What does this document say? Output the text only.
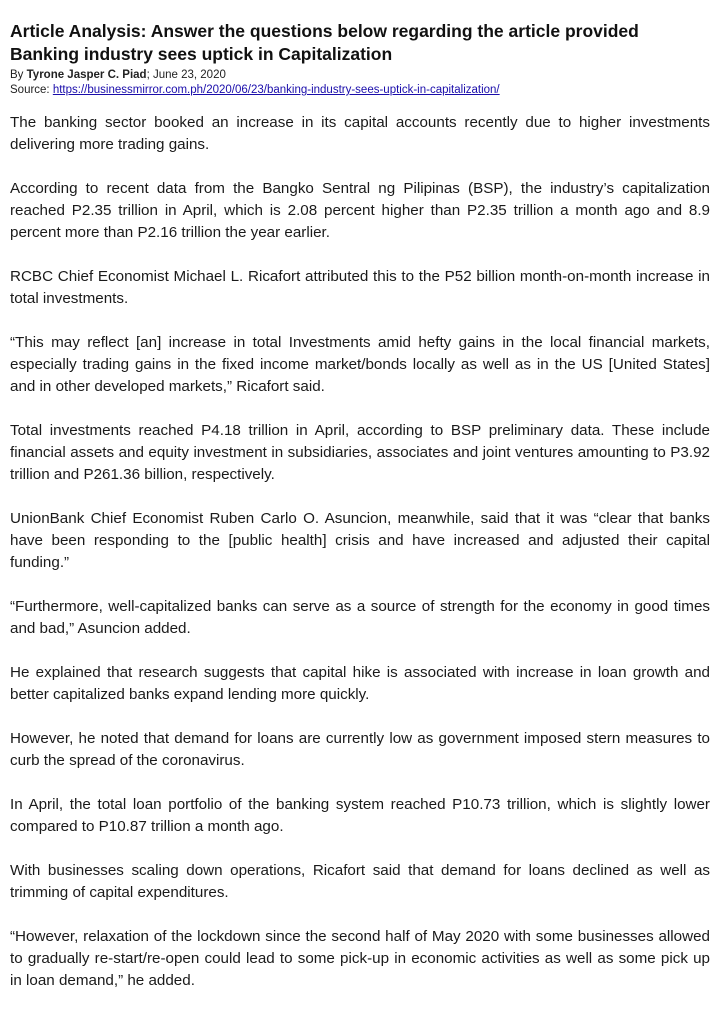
Article Analysis: Answer the questions below regarding the article provided
Banking industry sees uptick in Capitalization
By Tyrone Jasper C. Piad; June 23, 2020
Source: https://businessmirror.com.ph/2020/06/23/banking-industry-sees-uptick-in-capitalization/

The banking sector booked an increase in its capital accounts recently due to higher investments delivering more trading gains.

According to recent data from the Bangko Sentral ng Pilipinas (BSP), the industry’s capitalization reached P2.35 trillion in April, which is 2.08 percent higher than P2.35 trillion a month ago and 8.9 percent more than P2.16 trillion the year earlier.

RCBC Chief Economist Michael L. Ricafort attributed this to the P52 billion month-on-month increase in total investments.

“This may reflect [an] increase in total Investments amid hefty gains in the local financial markets, especially trading gains in the fixed income market/bonds locally as well as in the US [United States] and in other developed markets,” Ricafort said.

Total investments reached P4.18 trillion in April, according to BSP preliminary data. These include financial assets and equity investment in subsidiaries, associates and joint ventures amounting to P3.92 trillion and P261.36 billion, respectively.

UnionBank Chief Economist Ruben Carlo O. Asuncion, meanwhile, said that it was “clear that banks have been responding to the [public health] crisis and have increased and adjusted their capital funding.”

“Furthermore, well-capitalized banks can serve as a source of strength for the economy in good times and bad,” Asuncion added.

He explained that research suggests that capital hike is associated with increase in loan growth and better capitalized banks expand lending more quickly.

However, he noted that demand for loans are currently low as government imposed stern measures to curb the spread of the coronavirus.

In April, the total loan portfolio of the banking system reached P10.73 trillion, which is slightly lower compared to P10.87 trillion a month ago.

With businesses scaling down operations, Ricafort said that demand for loans declined as well as trimming of capital expenditures.

“However, relaxation of the lockdown since the second half of May 2020 with some businesses allowed to gradually re-start/re-open could lead to some pick-up in economic activities as well as some pick up in loan demand,” he added.
